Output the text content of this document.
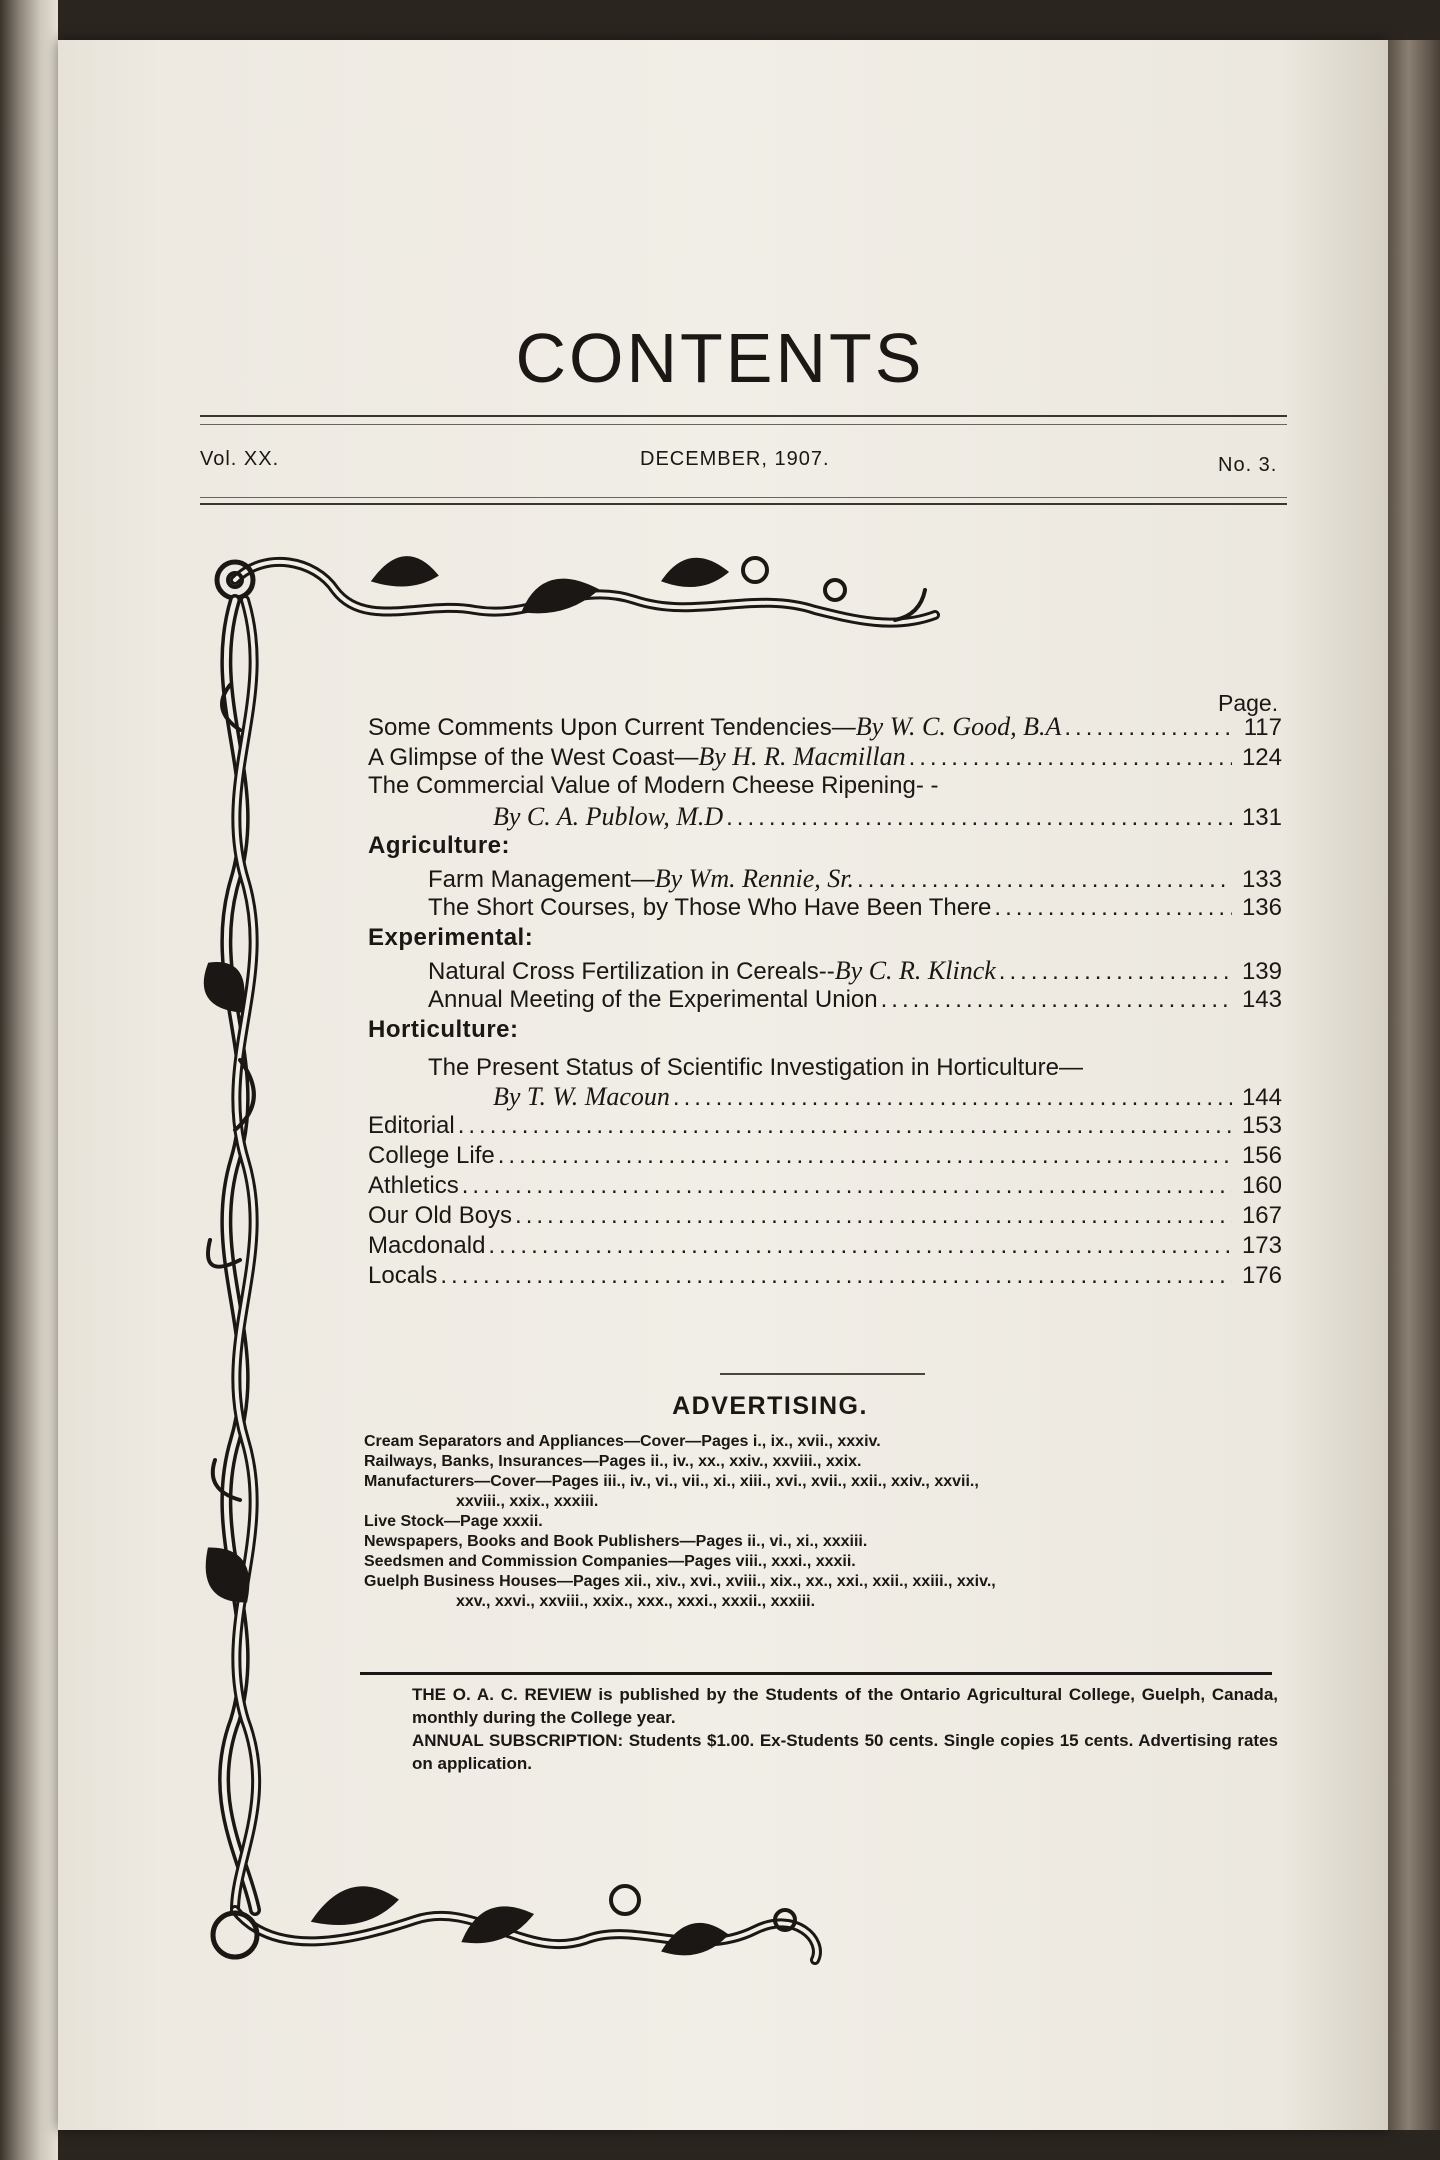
CONTENTS
Vol. XX.	DECEMBER, 1907.	No. 3.
Page.
Some Comments Upon Current Tendencies—By W. C. Good, B.A .....	117
A Glimpse of the West Coast—By H. R. Macmillan .....	124
The Commercial Value of Modern Cheese Ripening- -
By C. A. Publow, M.D .....	131
Agriculture:
Farm Management—By Wm. Rennie, Sr. .....	133
The Short Courses, by Those Who Have Been There .....	136
Experimental:
Natural Cross Fertilization in Cereals--By C. R. Klinck .....	139
Annual Meeting of the Experimental Union .....	143
Horticulture:
The Present Status of Scientific Investigation in Horticulture—
By T. W. Macoun .....	144
Editorial .....	153
College Life .....	156
Athletics .....	160
Our Old Boys .....	167
Macdonald .....	173
Locals .....	176
ADVERTISING.
Cream Separators and Appliances—Cover—Pages i., ix., xvii., xxxiv.
Railways, Banks, Insurances—Pages ii., iv., xx., xxiv., xxviii., xxix.
Manufacturers—Cover—Pages iii., iv., vi., vii., xi., xiii., xvi., xvii., xxii., xxiv., xxvii.,
xxviii., xxix., xxxiii.
Live Stock—Page xxxii.
Newspapers, Books and Book Publishers—Pages ii., vi., xi., xxxiii.
Seedsmen and Commission Companies—Pages viii., xxxi., xxxii.
Guelph Business Houses—Pages xii., xiv., xvi., xviii., xix., xx., xxi., xxii., xxiii., xxiv.,
xxv., xxvi., xxviii., xxix., xxx., xxxi., xxxii., xxxiii.
THE O. A. C. REVIEW is published by the Students of the Ontario Agricultural College, Guelph, Canada, monthly during the College year.
ANNUAL SUBSCRIPTION: Students $1.00. Ex-Students 50 cents. Single copies 15 cents. Advertising rates on application.
